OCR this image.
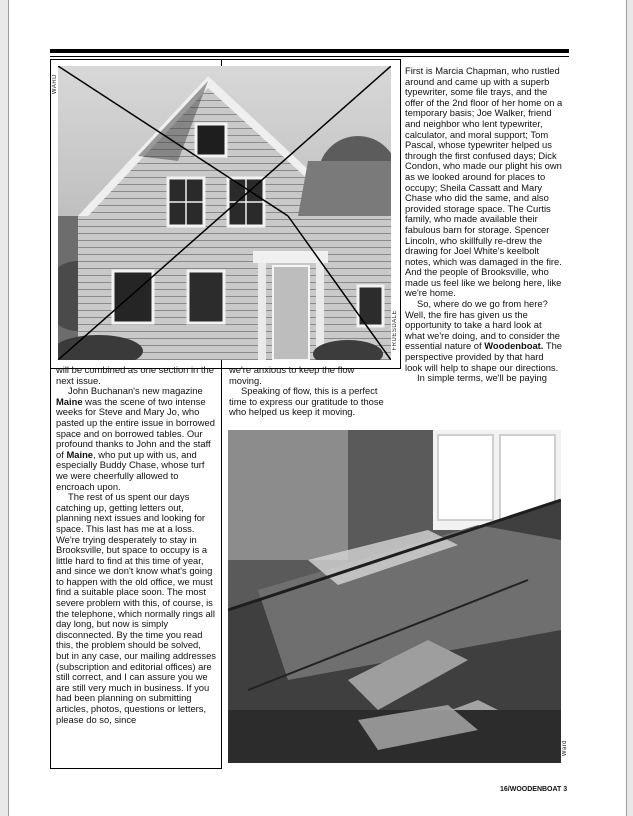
WARD
FRUESDALE

will be combined as one section in the next issue.

John Buchanan's new magazine Maine was the scene of two intense weeks for Steve and Mary Jo, who pasted up the entire issue in borrowed space and on borrowed tables. Our profound thanks to John and the staff of Maine, who put up with us, and especially Buddy Chase, whose turf we were cheerfully allowed to encroach upon.

The rest of us spent our days catching up, getting letters out, planning next issues and looking for space. This last has me at a loss. We're trying desperately to stay in Brooksville, but space to occupy is a little hard to find at this time of year, and since we don't know what's going to happen with the old office, we must find a suitable place soon. The most severe problem with this, of course, is the telephone, which normally rings all day long, but now is simply disconnected. By the time you read this, the problem should be solved, but in any case, our mailing addresses (subscription and editorial offices) are still correct, and I can assure you we are still very much in business. If you had been planning on submitting articles, photos, questions or letters, please do so, since

we're anxious to keep the flow moving.

Speaking of flow, this is a perfect time to express our gratitude to those who helped us keep it moving.

First is Marcia Chapman, who rustled around and came up with a superb typewriter, some file trays, and the offer of the 2nd floor of her home on a temporary basis; Joe Walker, friend and neighbor who lent typewriter, calculator, and moral support; Tom Pascal, whose typewriter helped us through the first confused days; Dick Condon, who made our plight his own as we looked around for places to occupy; Sheila Cassatt and Mary Chase who did the same, and also provided storage space. The Curtis family, who made available their fabulous barn for storage. Spencer Lincoln, who skillfully re-drew the drawing for Joel White's keelbolt notes, which was damaged in the fire. And the people of Brooksville, who made us feel like we belong here, like we're home.

So, where do we go from here? Well, the fire has given us the opportunity to take a hard look at what we're doing, and to consider the essential nature of Woodenboat. The perspective provided by that hard look will help to shape our directions.

In simple terms, we'll be paying

Ward
16/WOODENBOAT 3
